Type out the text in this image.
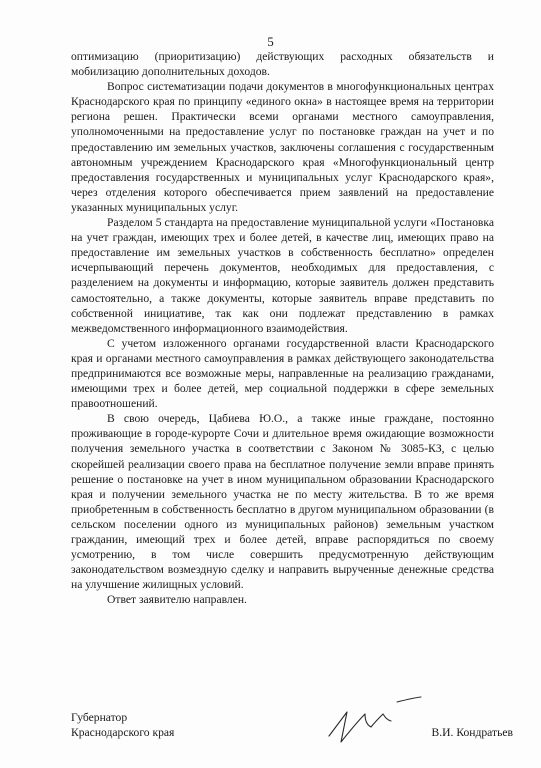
5

оптимизацию (приоритизацию) действующих расходных обязательств и мобилизацию дополнительных доходов.

Вопрос систематизации подачи документов в многофункциональных центрах Краснодарского края по принципу «единого окна» в настоящее время на территории региона решен. Практически всеми органами местного самоуправления, уполномоченными на предоставление услуг по постановке граждан на учет и по предоставлению им земельных участков, заключены соглашения с государственным автономным учреждением Краснодарского края «Многофункциональный центр предоставления государственных и муниципальных услуг Краснодарского края», через отделения которого обеспечивается прием заявлений на предоставление указанных муниципальных услуг.

Разделом 5 стандарта на предоставление муниципальной услуги «Постановка на учет граждан, имеющих трех и более детей, в качестве лиц, имеющих право на предоставление им земельных участков в собственность бесплатно» определен исчерпывающий перечень документов, необходимых для предоставления, с разделением на документы и информацию, которые заявитель должен представить самостоятельно, а также документы, которые заявитель вправе представить по собственной инициативе, так как они подлежат представлению в рамках межведомственного информационного взаимодействия.

С учетом изложенного органами государственной власти Краснодарского края и органами местного самоуправления в рамках действующего законодательства предпринимаются все возможные меры, направленные на реализацию гражданами, имеющими трех и более детей, мер социальной поддержки в сфере земельных правоотношений.

В свою очередь, Цабиева Ю.О., а также иные граждане, постоянно проживающие в городе-курорте Сочи и длительное время ожидающие возможности получения земельного участка в соответствии с Законом № 3085-КЗ, с целью скорейшей реализации своего права на бесплатное получение земли вправе принять решение о постановке на учет в ином муниципальном образовании Краснодарского края и получении земельного участка не по месту жительства. В то же время приобретенным в собственность бесплатно в другом муниципальном образовании (в сельском поселении одного из муниципальных районов) земельным участком гражданин, имеющий трех и более детей, вправе распорядиться по своему усмотрению, в том числе совершить предусмотренную действующим законодательством возмездную сделку и направить вырученные денежные средства на улучшение жилищных условий.

Ответ заявителю направлен.

Губернатор
Краснодарского края	В.И. Кондратьев
